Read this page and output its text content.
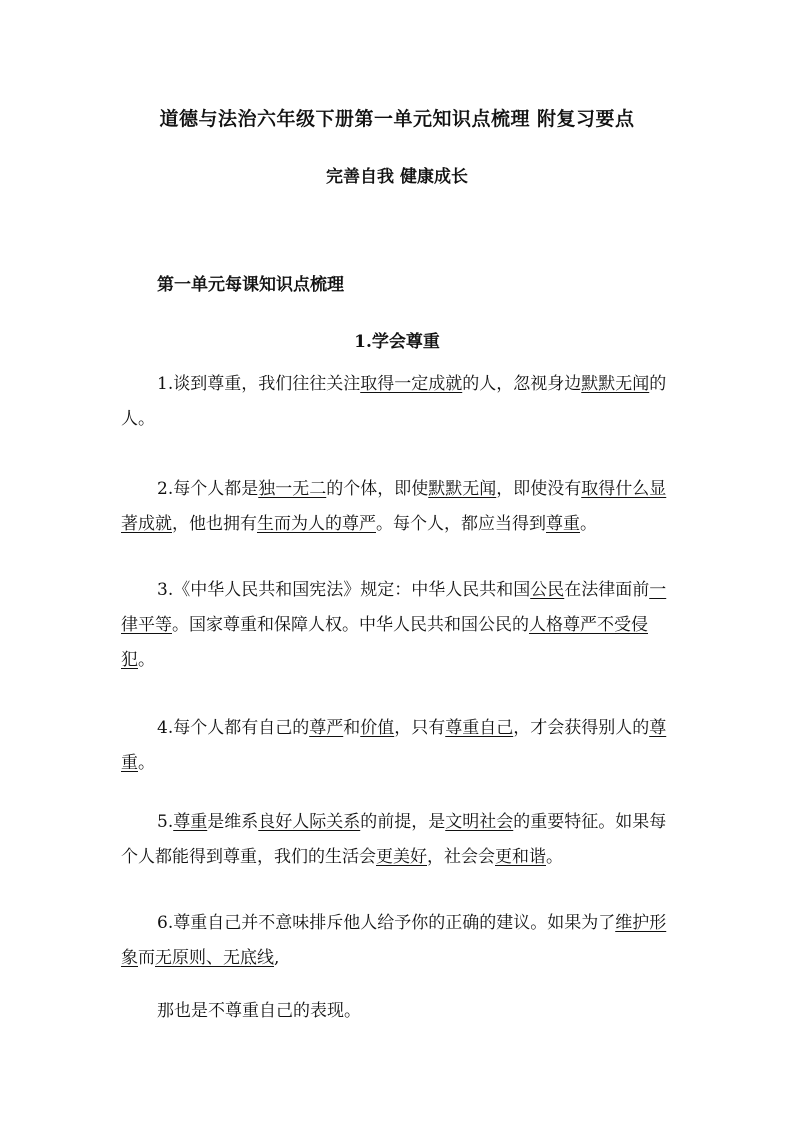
道德与法治六年级下册第一单元知识点梳理 附复习要点
完善自我 健康成长
第一单元每课知识点梳理
1.学会尊重

1.谈到尊重，我们往往关注取得一定成就的人，忽视身边默默无闻的人。

2.每个人都是独一无二的个体，即使默默无闻，即使没有取得什么显著成就，他也拥有生而为人的尊严。每个人，都应当得到尊重。

3.《中华人民共和国宪法》规定：中华人民共和国公民在法律面前一律平等。国家尊重和保障人权。中华人民共和国公民的人格尊严不受侵犯。

4.每个人都有自己的尊严和价值，只有尊重自己，才会获得别人的尊重。

5.尊重是维系良好人际关系的前提，是文明社会的重要特征。如果每个人都能得到尊重，我们的生活会更美好，社会会更和谐。

6.尊重自己并不意味排斥他人给予你的正确的建议。如果为了维护形象而无原则、无底线,

那也是不尊重自己的表现。
